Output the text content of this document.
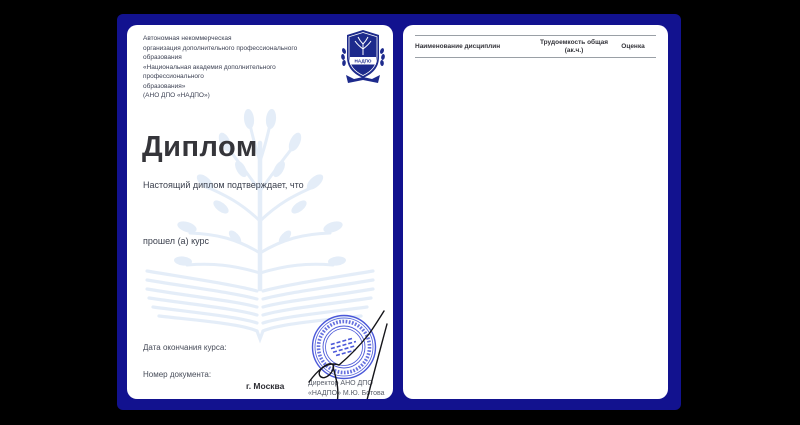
Автономная некоммерческая
организация дополнительного профессионального образования
«Национальная академия дополнительного профессионального
образования»
(АНО ДПО «НАДПО»)
НАДПО
Диплом
Настоящий диплом подтверждает, что
прошел (а) курс
Дата окончания курса:
Номер документа:
г. Москва	Директор АНО ДПО
«НАДПО» М.Ю. Ботова
Наименование дисциплин
Трудоемкость общая (ак.ч.)
Оценка
